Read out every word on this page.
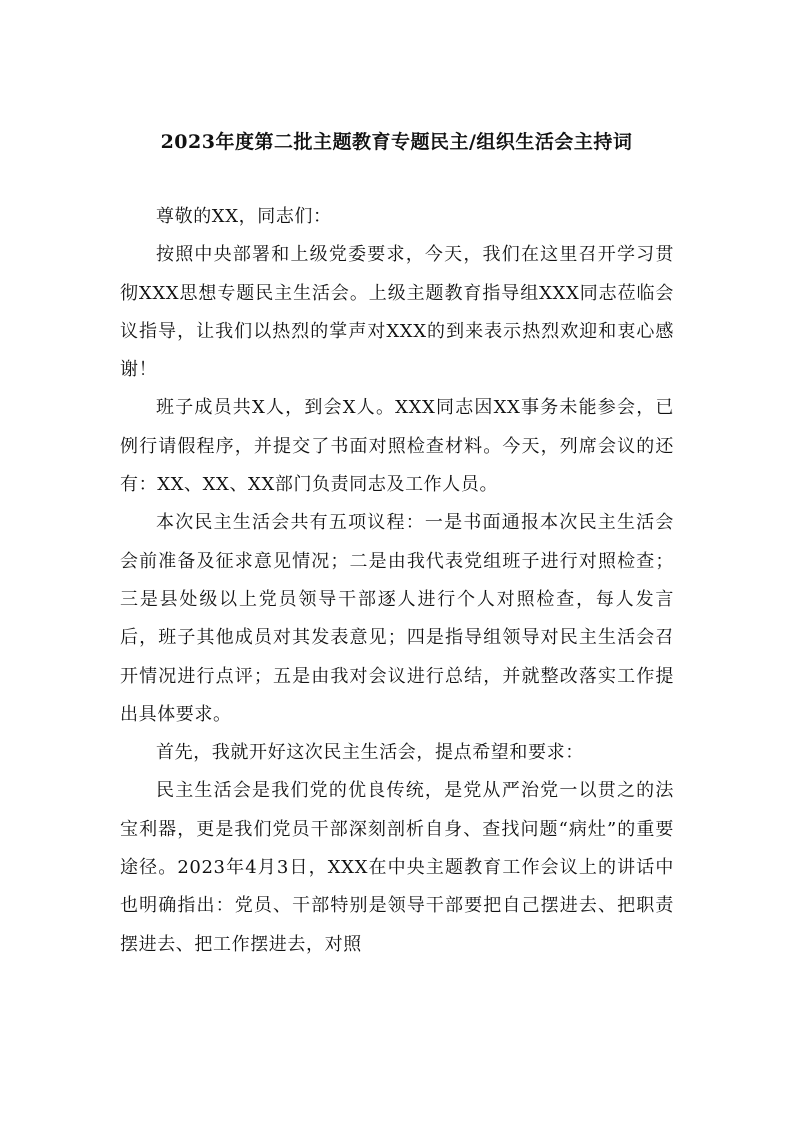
2023年度第二批主题教育专题民主/组织生活会主持词

尊敬的XX，同志们：

按照中央部署和上级党委要求，今天，我们在这里召开学习贯彻XXX思想专题民主生活会。上级主题教育指导组XXX同志莅临会议指导，让我们以热烈的掌声对XXX的到来表示热烈欢迎和衷心感谢！

班子成员共X人，到会X人。XXX同志因XX事务未能参会，已例行请假程序，并提交了书面对照检查材料。今天，列席会议的还有：XX、XX、XX部门负责同志及工作人员。

本次民主生活会共有五项议程：一是书面通报本次民主生活会会前准备及征求意见情况；二是由我代表党组班子进行对照检查；三是县处级以上党员领导干部逐人进行个人对照检查，每人发言后，班子其他成员对其发表意见；四是指导组领导对民主生活会召开情况进行点评；五是由我对会议进行总结，并就整改落实工作提出具体要求。

首先，我就开好这次民主生活会，提点希望和要求：

民主生活会是我们党的优良传统，是党从严治党一以贯之的法宝利器，更是我们党员干部深刻剖析自身、查找问题“病灶”的重要途径。2023年4月3日，XXX在中央主题教育工作会议上的讲话中也明确指出：党员、干部特别是领导干部要把自己摆进去、把职责摆进去、把工作摆进去，对照
